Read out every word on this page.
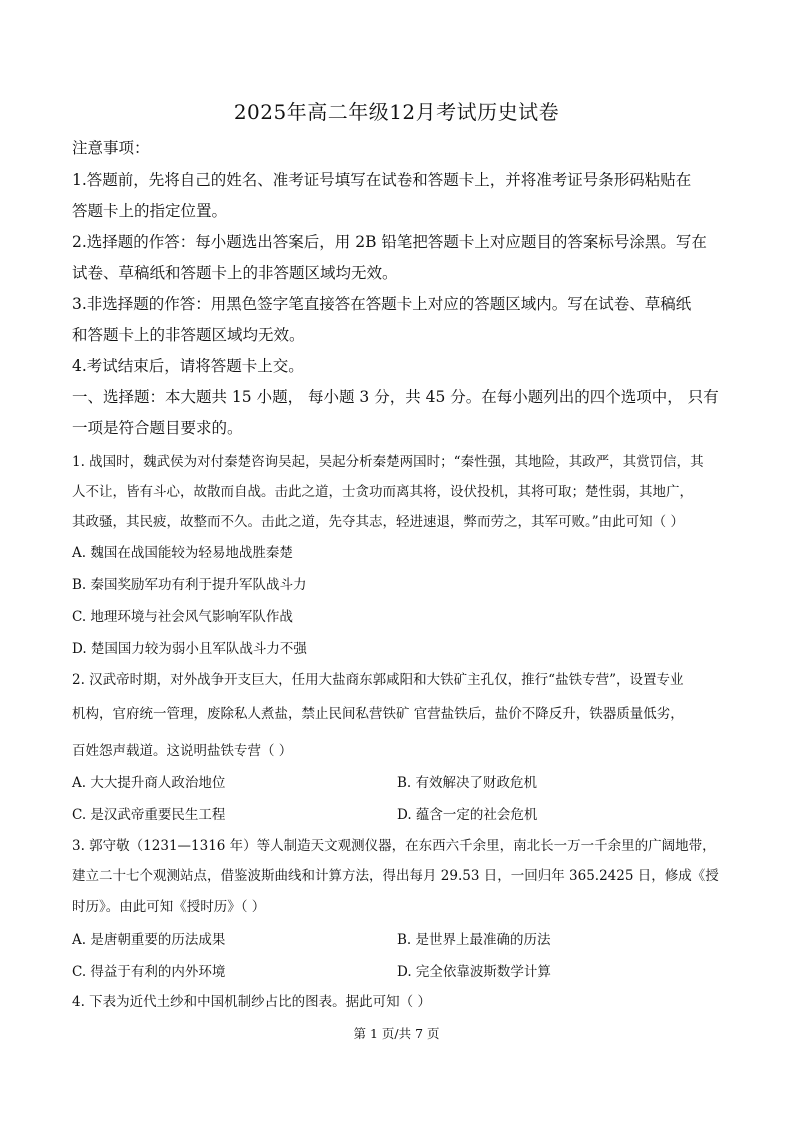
2025年高二年级12月考试历史试卷
注意事项：
1.答题前，先将自己的姓名、准考证号填写在试卷和答题卡上，并将准考证号条形码粘贴在
答题卡上的指定位置。
2.选择题的作答：每小题选出答案后，用 2B 铅笔把答题卡上对应题目的答案标号涂黑。写在
试卷、草稿纸和答题卡上的非答题区域均无效。
3.非选择题的作答：用黑色签字笔直接答在答题卡上对应的答题区域内。写在试卷、草稿纸
和答题卡上的非答题区域均无效。
4.考试结束后，请将答题卡上交。
一、选择题：本大题共 15 小题， 每小题 3 分，共 45 分。在每小题列出的四个选项中， 只有
一项是符合题目要求的。
1. 战国时，魏武侯为对付秦楚咨询吴起，吴起分析秦楚两国时；“秦性强，其地险，其政严，其赏罚信，其
人不让，皆有斗心，故散而自战。击此之道，士贪功而离其将，设伏投机，其将可取；楚性弱，其地广，
其政骚，其民疲，故整而不久。击此之道，先夺其志，轻进速退，弊而劳之，其军可败。”由此可知（ ）
A. 魏国在战国能较为轻易地战胜秦楚
B. 秦国奖励军功有利于提升军队战斗力
C. 地理环境与社会风气影响军队作战
D. 楚国国力较为弱小且军队战斗力不强
2. 汉武帝时期，对外战争开支巨大，任用大盐商东郭咸阳和大铁矿主孔仅，推行“盐铁专营”，设置专业
机构，官府统一管理，废除私人煮盐，禁止民间私营铁矿 官营盐铁后，盐价不降反升，铁器质量低劣，
百姓怨声载道。这说明盐铁专营（ ）
A. 大大提升商人政治地位	B. 有效解决了财政危机
C. 是汉武帝重要民生工程	D. 蕴含一定的社会危机
3. 郭守敬（1231—1316 年）等人制造天文观测仪器，在东西六千余里，南北长一万一千余里的广阔地带，
建立二十七个观测站点，借鉴波斯曲线和计算方法，得出每月 29.53 日，一回归年 365.2425 日，修成《授
时历》。由此可知《授时历》（ ）
A. 是唐朝重要的历法成果	B. 是世界上最准确的历法
C. 得益于有利的内外环境	D. 完全依靠波斯数学计算
4. 下表为近代土纱和中国机制纱占比的图表。据此可知（ ）
第 1 页/共 7 页
